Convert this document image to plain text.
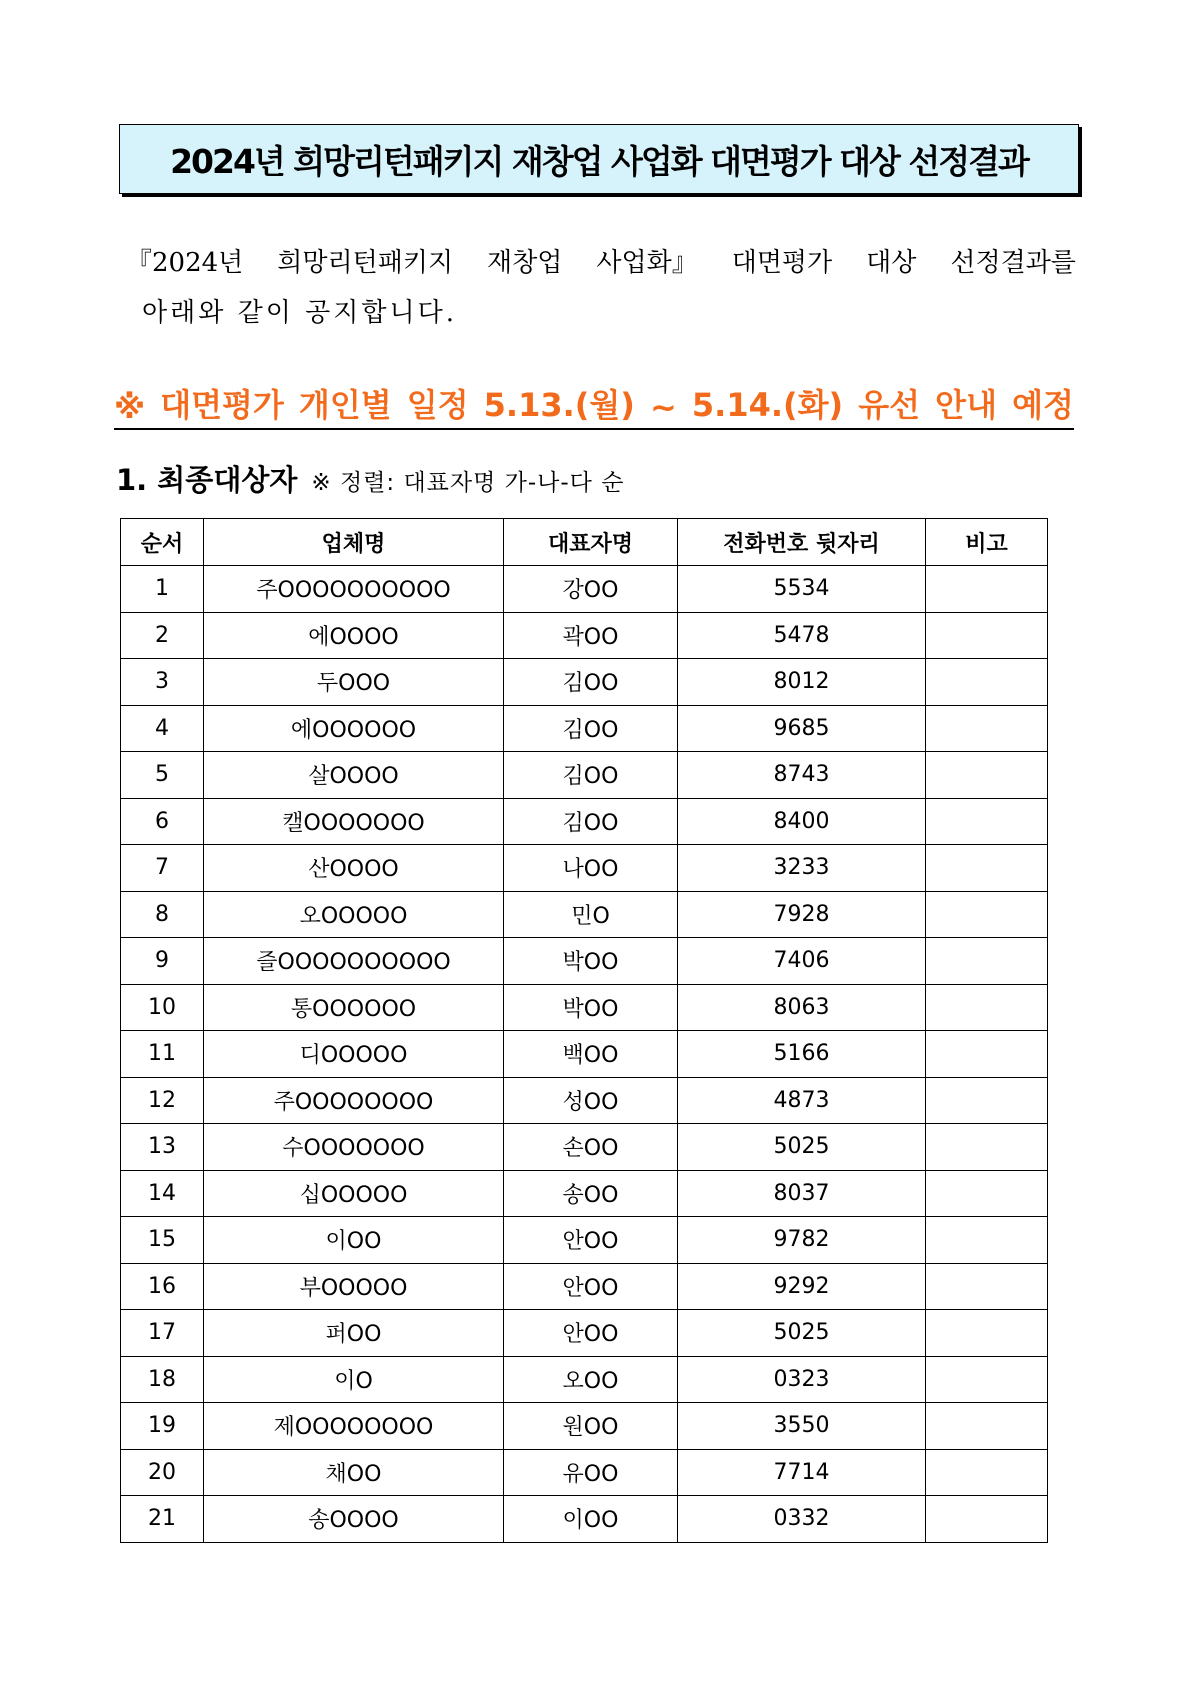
2024년 희망리턴패키지 재창업 사업화 대면평가 대상 선정결과
『2024년 희망리턴패키지 재창업 사업화』 대면평가 대상 선정결과를
아래와 같이 공지합니다.
※ 대면평가 개인별 일정 5.13.(월) ~ 5.14.(화) 유선 안내 예정
1. 최종대상자 ※ 정렬: 대표자명 가-나-다 순
순서	업체명	대표자명	전화번호 뒷자리	비고
1	주OOOOOOOOOO	강OO	5534	
2	에OOOO	곽OO	5478	
3	두OOO	김OO	8012	
4	에OOOOOO	김OO	9685	
5	살OOOO	김OO	8743	
6	캘OOOOOOO	김OO	8400	
7	산OOOO	나OO	3233	
8	오OOOOO	민O	7928	
9	즐OOOOOOOOOO	박OO	7406	
10	통OOOOOO	박OO	8063	
11	디OOOOO	백OO	5166	
12	주OOOOOOOO	성OO	4873	
13	수OOOOOOO	손OO	5025	
14	십OOOOO	송OO	8037	
15	이OO	안OO	9782	
16	부OOOOO	안OO	9292	
17	퍼OO	안OO	5025	
18	이O	오OO	0323	
19	제OOOOOOOO	원OO	3550	
20	채OO	유OO	7714	
21	송OOOO	이OO	0332	
